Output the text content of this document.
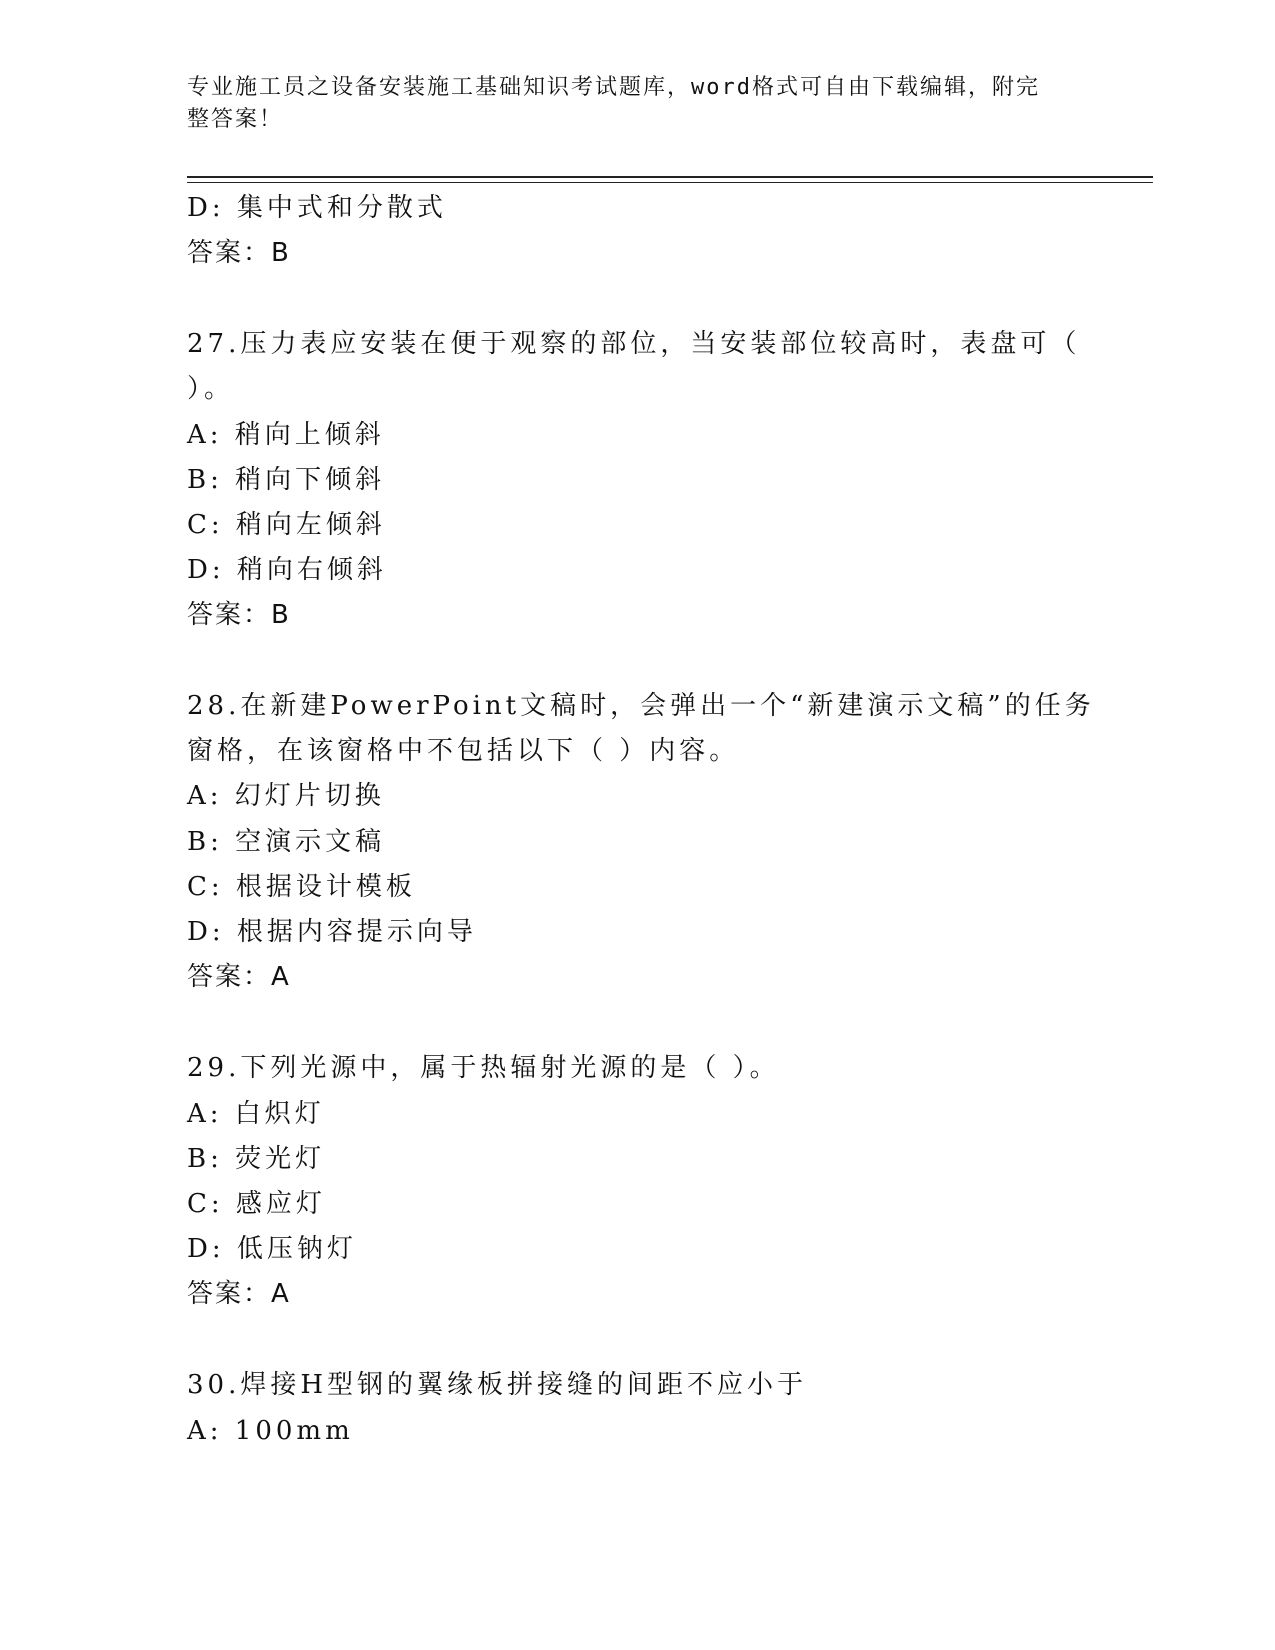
专业施工员之设备安装施工基础知识考试题库，word格式可自由下载编辑，附完
整答案！
D: 集中式和分散式
答案：B
27.压力表应安装在便于观察的部位，当安装部位较高时，表盘可（
）。
A: 稍向上倾斜
B: 稍向下倾斜
C: 稍向左倾斜
D: 稍向右倾斜
答案：B
28.在新建PowerPoint文稿时，会弹出一个“新建演示文稿”的任务
窗格，在该窗格中不包括以下（ ）内容。
A: 幻灯片切换
B: 空演示文稿
C: 根据设计模板
D: 根据内容提示向导
答案：A
29.下列光源中，属于热辐射光源的是（ ）。
A: 白炽灯
B: 荧光灯
C: 感应灯
D: 低压钠灯
答案：A
30.焊接H型钢的翼缘板拼接缝的间距不应小于
A: 100mm
